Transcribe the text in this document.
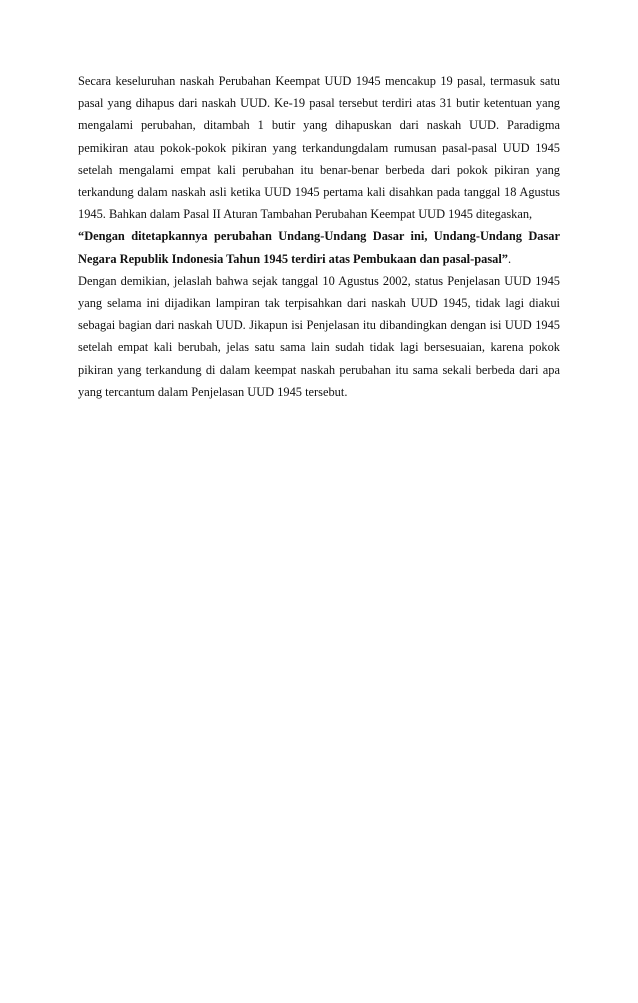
Secara keseluruhan naskah Perubahan Keempat UUD 1945 mencakup 19 pasal, termasuk satu pasal yang dihapus dari naskah UUD. Ke-19 pasal tersebut terdiri atas 31 butir ketentuan yang mengalami perubahan, ditambah 1 butir yang dihapuskan dari naskah UUD. Paradigma pemikiran atau pokok-pokok pikiran yang terkandungdalam rumusan pasal-pasal UUD 1945 setelah mengalami empat kali perubahan itu benar-benar berbeda dari pokok pikiran yang terkandung dalam naskah asli ketika UUD 1945 pertama kali disahkan pada tanggal 18 Agustus 1945. Bahkan dalam Pasal II Aturan Tambahan Perubahan Keempat UUD 1945 ditegaskan,

“Dengan ditetapkannya perubahan Undang-Undang Dasar ini, Undang-Undang Dasar Negara Republik Indonesia Tahun 1945 terdiri atas Pembukaan dan pasal-pasal”.

Dengan demikian, jelaslah bahwa sejak tanggal 10 Agustus 2002, status Penjelasan UUD 1945 yang selama ini dijadikan lampiran tak terpisahkan dari naskah UUD 1945, tidak lagi diakui sebagai bagian dari naskah UUD. Jikapun isi Penjelasan itu dibandingkan dengan isi UUD 1945 setelah empat kali berubah, jelas satu sama lain sudah tidak lagi bersesuaian, karena pokok pikiran yang terkandung di dalam keempat naskah perubahan itu sama sekali berbeda dari apa yang tercantum dalam Penjelasan UUD 1945 tersebut.
